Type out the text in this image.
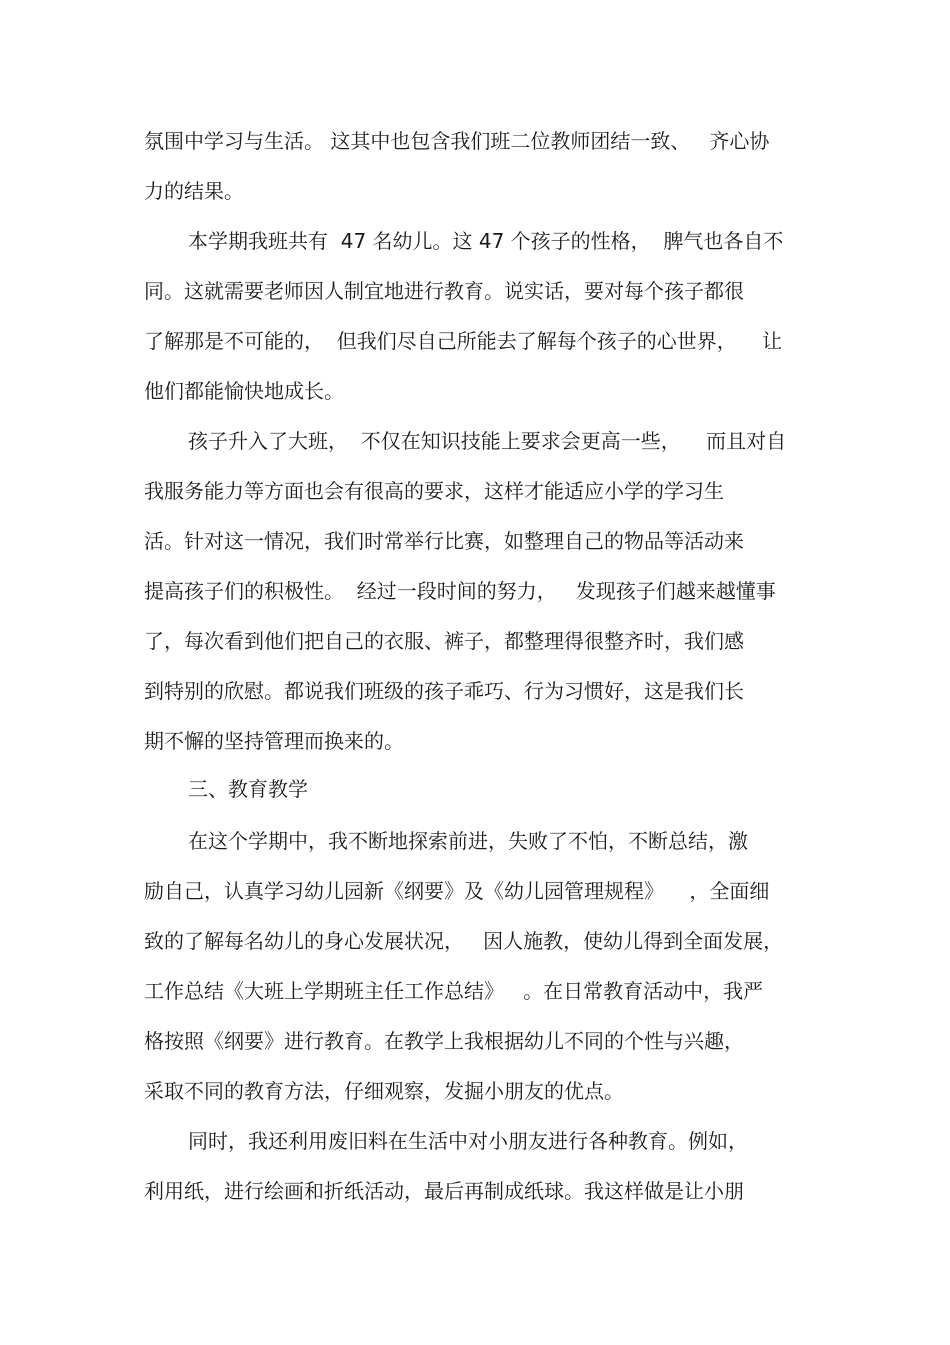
氛围中学习与生活。 这其中也包含我们班二位教师团结一致、   齐心协
力的结果。
本学期我班共有  47 名幼儿。这 47 个孩子的性格，  脾气也各自不
同。这就需要老师因人制宜地进行教育。说实话，要对每个孩子都很
了解那是不可能的，  但我们尽自己所能去了解每个孩子的心世界，    让
他们都能愉快地成长。
孩子升入了大班，  不仅在知识技能上要求会更高一些，    而且对自
我服务能力等方面也会有很高的要求，这样才能适应小学的学习生
活。针对这一情况，我们时常举行比赛，如整理自己的物品等活动来
提高孩子们的积极性。  经过一段时间的努力，   发现孩子们越来越懂事
了，每次看到他们把自己的衣服、裤子，都整理得很整齐时，我们感
到特别的欣慰。都说我们班级的孩子乖巧、行为习惯好，这是我们长
期不懈的坚持管理而换来的。
三、教育教学
在这个学期中，我不断地探索前进，失败了不怕，不断总结，激
励自己，认真学习幼儿园新《纲要》及《幼儿园管理规程》    ，全面细
致的了解每名幼儿的身心发展状况，   因人施教，使幼儿得到全面发展，
工作总结《大班上学期班主任工作总结》   。在日常教育活动中，我严
格按照《纲要》进行教育。在教学上我根据幼儿不同的个性与兴趣，
采取不同的教育方法，仔细观察，发掘小朋友的优点。
同时，我还利用废旧料在生活中对小朋友进行各种教育。例如，
利用纸，进行绘画和折纸活动，最后再制成纸球。我这样做是让小朋
